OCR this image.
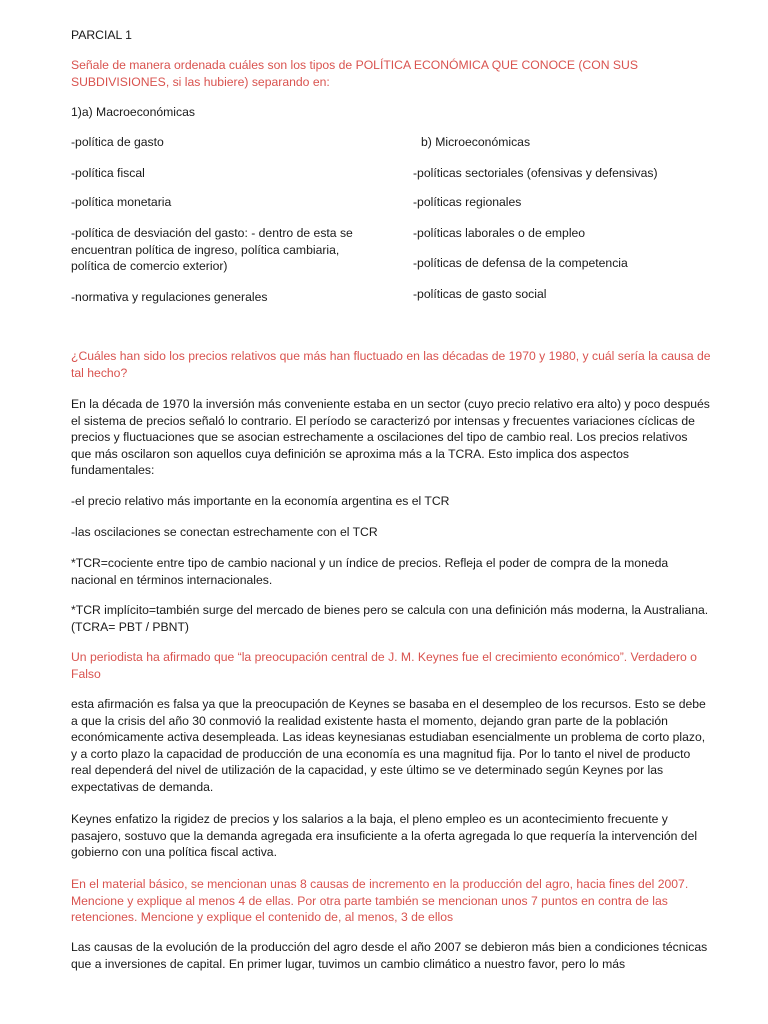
PARCIAL 1

Señale de manera ordenada cuáles son los tipos de POLÍTICA ECONÓMICA QUE CONOCE (CON SUS SUBDIVISIONES, si las hubiere) separando en:

1)a) Macroeconómicas

-política de gasto

-política fiscal

-política monetaria

-política de desviación del gasto: - dentro de esta se encuentran política de ingreso, política cambiaria, política de comercio exterior)

-normativa y regulaciones generales

b) Microeconómicas

-políticas sectoriales (ofensivas y defensivas)

-políticas regionales

-políticas laborales o de empleo

-políticas de defensa de la competencia

-políticas de gasto social

¿Cuáles han sido los precios relativos que más han fluctuado en las décadas de 1970 y 1980, y cuál sería la causa de tal hecho?

En la década de 1970 la inversión más conveniente estaba en un sector (cuyo precio relativo era alto) y poco después el sistema de precios señaló lo contrario. El período se caracterizó por intensas y frecuentes variaciones cíclicas de precios y fluctuaciones que se asocian estrechamente a oscilaciones del tipo de cambio real. Los precios relativos que más oscilaron son aquellos cuya definición se aproxima más a la TCRA. Esto implica dos aspectos fundamentales:

-el precio relativo más importante en la economía argentina es el TCR

-las oscilaciones se conectan estrechamente con el TCR

*TCR=cociente entre tipo de cambio nacional y un índice de precios. Refleja el poder de compra de la moneda nacional en términos internacionales.

*TCR implícito=también surge del mercado de bienes pero se calcula con una definición más moderna, la Australiana. (TCRA= PBT / PBNT)

Un periodista ha afirmado que “la preocupación central de J. M. Keynes fue el crecimiento económico”. Verdadero o Falso

esta afirmación es falsa ya que la preocupación de Keynes se basaba en el desempleo de los recursos. Esto se debe a que la crisis del año 30 conmovió la realidad existente hasta el momento, dejando gran parte de la población económicamente activa desempleada. Las ideas keynesianas estudiaban esencialmente un problema de corto plazo, y a corto plazo la capacidad de producción de una economía es una magnitud fija. Por lo tanto el nivel de producto real dependerá del nivel de utilización de la capacidad, y este último se ve determinado según Keynes por las expectativas de demanda.

Keynes enfatizo la rigidez de precios y los salarios a la baja, el pleno empleo es un acontecimiento frecuente y pasajero, sostuvo que la demanda agregada era insuficiente a la oferta agregada lo que requería la intervención del gobierno con una política fiscal activa.

En el material básico, se mencionan unas 8 causas de incremento en la producción del agro, hacia fines del 2007. Mencione y explique al menos 4 de ellas. Por otra parte también se mencionan unos 7 puntos en contra de las retenciones. Mencione y explique el contenido de, al menos, 3 de ellos

Las causas de la evolución de la producción del agro desde el año 2007 se debieron más bien a condiciones técnicas que a inversiones de capital. En primer lugar, tuvimos un cambio climático a nuestro favor, pero lo más
